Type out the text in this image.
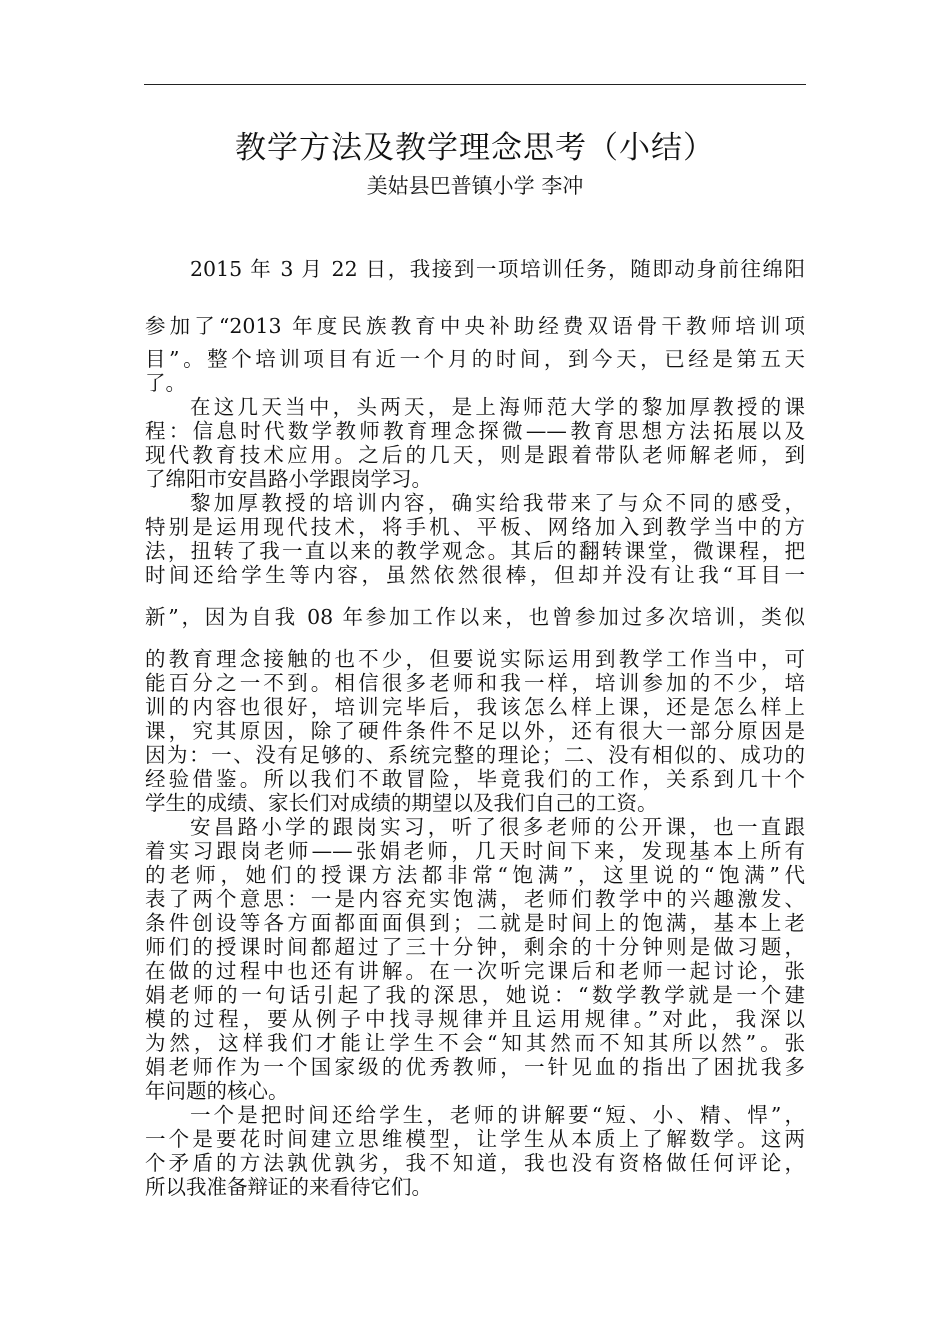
教学方法及教学理念思考（小结）
美姑县巴普镇小学 李冲
2015 年 3 月 22 日，我接到一项培训任务，随即动身前往绵阳
参加了“2013 年度民族教育中央补助经费双语骨干教师培训项
目”。整个培训项目有近一个月的时间，到今天，已经是第五天
了。
在这几天当中，头两天，是上海师范大学的黎加厚教授的课
程：信息时代数学教师教育理念探微——教育思想方法拓展以及
现代教育技术应用。之后的几天，则是跟着带队老师解老师，到
了绵阳市安昌路小学跟岗学习。
黎加厚教授的培训内容，确实给我带来了与众不同的感受，
特别是运用现代技术，将手机、平板、网络加入到教学当中的方
法，扭转了我一直以来的教学观念。其后的翻转课堂，微课程，把
时间还给学生等内容，虽然依然很棒，但却并没有让我“耳目一
新”，因为自我 08 年参加工作以来，也曾参加过多次培训，类似
的教育理念接触的也不少，但要说实际运用到教学工作当中，可
能百分之一不到。相信很多老师和我一样，培训参加的不少，培
训的内容也很好，培训完毕后，我该怎么样上课，还是怎么样上
课，究其原因，除了硬件条件不足以外，还有很大一部分原因是
因为：一、没有足够的、系统完整的理论；二、没有相似的、成功的
经验借鉴。所以我们不敢冒险，毕竟我们的工作，关系到几十个
学生的成绩、家长们对成绩的期望以及我们自己的工资。
安昌路小学的跟岗实习，听了很多老师的公开课，也一直跟
着实习跟岗老师——张娟老师，几天时间下来，发现基本上所有
的老师，她们的授课方法都非常“饱满”，这里说的“饱满”代
表了两个意思：一是内容充实饱满，老师们教学中的兴趣激发、
条件创设等各方面都面面俱到；二就是时间上的饱满，基本上老
师们的授课时间都超过了三十分钟，剩余的十分钟则是做习题，
在做的过程中也还有讲解。在一次听完课后和老师一起讨论，张
娟老师的一句话引起了我的深思，她说：“数学教学就是一个建
模的过程，要从例子中找寻规律并且运用规律。”对此，我深以
为然，这样我们才能让学生不会“知其然而不知其所以然”。张
娟老师作为一个国家级的优秀教师，一针见血的指出了困扰我多
年问题的核心。
一个是把时间还给学生，老师的讲解要“短、小、精、悍”，
一个是要花时间建立思维模型，让学生从本质上了解数学。这两
个矛盾的方法孰优孰劣，我不知道，我也没有资格做任何评论，
所以我准备辩证的来看待它们。
